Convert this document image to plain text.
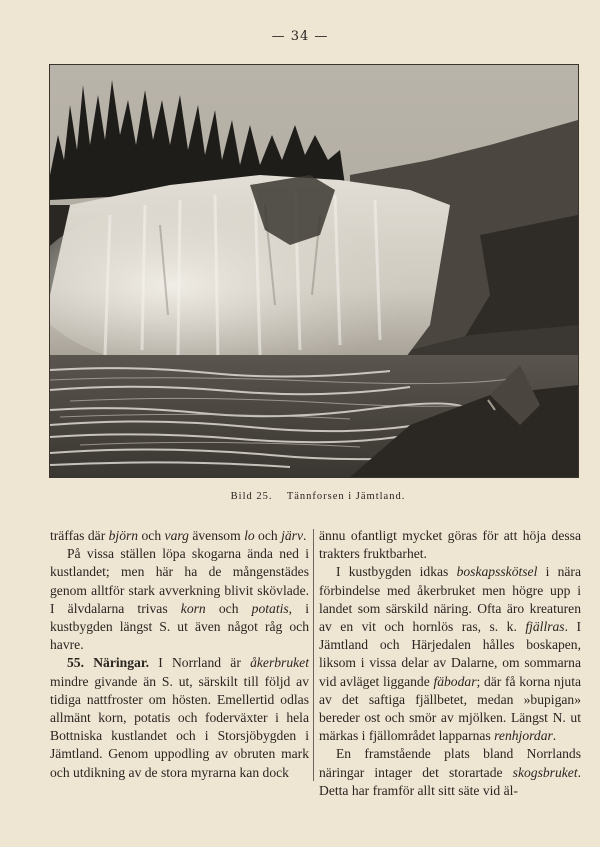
— 34 —
Bild 25. Tännforsen i Jämtland.

träffas där björn och varg ävensom lo och järv.

På vissa ställen löpa skogarna ända ned i kustlandet; men här ha de mångenstädes genom alltför stark avverkning blivit skövlade. I älvdalarna trivas korn och potatis, i kustbygden längst S. ut även något råg och havre.

55. Näringar. I Norrland är åkerbruket mindre givande än S. ut, särskilt till följd av tidiga nattfroster om hösten. Emellertid odlas allmänt korn, potatis och foderväxter i hela Bottniska kustlandet och i Storsjöbygden i Jämtland. Genom uppodling av obruten mark och utdikning av de stora myrarna kan dock

ännu ofantligt mycket göras för att höja dessa trakters fruktbarhet.

I kustbygden idkas boskapsskötsel i nära förbindelse med åkerbruket men högre upp i landet som särskild näring. Ofta äro kreaturen av en vit och hornlös ras, s. k. fjällras. I Jämtland och Härjedalen hålles boskapen, liksom i vissa delar av Dalarne, om sommarna vid avläget liggande fäbodar; där få korna njuta av det saftiga fjällbetet, medan »bupigan» bereder ost och smör av mjölken. Längst N. ut märkas i fjällområdet lapparnas renhjordar.

En framstående plats bland Norrlands näringar intager det storartade skogsbruket. Detta har framför allt sitt säte vid äl-
